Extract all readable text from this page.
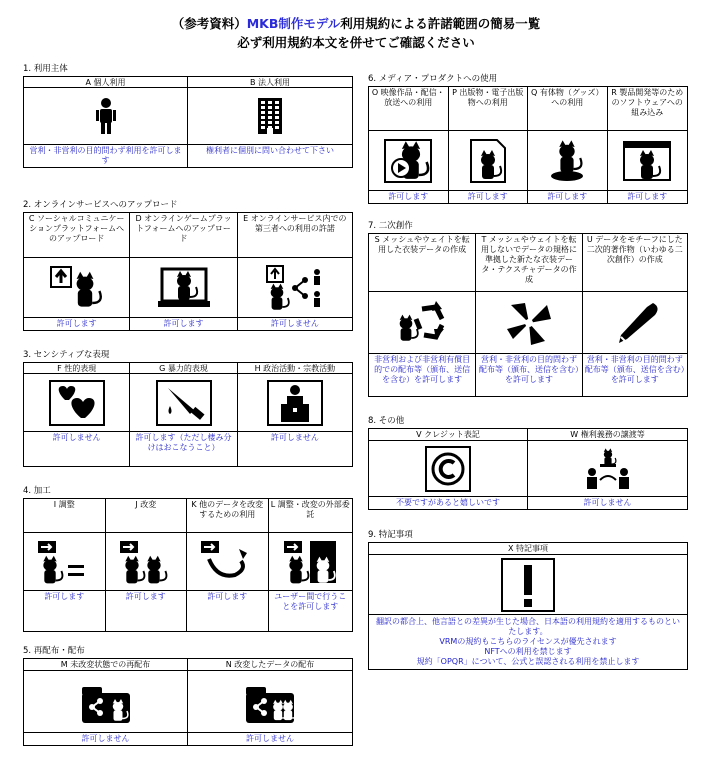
（参考資料）MKB制作モデル利用規約による許諾範囲の簡易一覧
必ず利用規約本文を併せてご確認ください
1. 利用主体
A 個人利用
営利・非営利の目的問わず利用を許可します
B 法人利用
権利者に個別に問い合わせて下さい
2. オンラインサービスへのアップロード
C ソーシャルコミュニケーションプラットフォームへのアップロード
許可します
D オンラインゲームプラットフォームへのアップロード
許可します
E オンラインサービス内での第三者への利用の許諾
許可しません
3. センシティブな表現
F 性的表現
許可しません
G 暴力的表現
許可します（ただし棲み分けはおこなうこと）
H 政治活動・宗教活動
許可しません
4. 加工
I 調整
許可します
J 改変
許可します
K 他のデータを改変するための利用
許可します
L 調整・改変の外部委託
ユーザー間で行うことを許可します
5. 再配布・配布
M 未改変状態での再配布
許可しません
N 改変したデータの配布
許可しません
6. メディア・プロダクトへの使用
O 映像作品・配信・放送への利用
許可します
P 出版物・電子出版物への利用
許可します
Q 有体物（グッズ）への利用
許可します
R 製品開発等のためのソフトウェアへの組み込み
許可します
7. 二次創作
S メッシュやウェイトを転用した衣装データの作成
非営利および非営利有償目的での配布等（頒布、送信を含む）を許可します
T メッシュやウェイトを転用しないでデータの規格に準拠した新たな衣装データ・テクスチャデータの作成
営利・非営利の目的問わず配布等（頒布、送信を含む）を許可します
U データをモチーフにした二次的著作物（いわゆる二次創作）の作成
営利・非営利の目的問わず配布等（頒布、送信を含む）を許可します
8. その他
V クレジット表記
不要ですがあると嬉しいです
W 権利義務の譲渡等
許可しません
9. 特記事項
X 特記事項
翻訳の都合上、他言語との差異が生じた場合、日本語の利用規約を適用するものといたします。
VRMの規約もこちらのライセンスが優先されます
NFTへの利用を禁じます
規約「OPQR」について、公式と誤認される利用を禁止します
